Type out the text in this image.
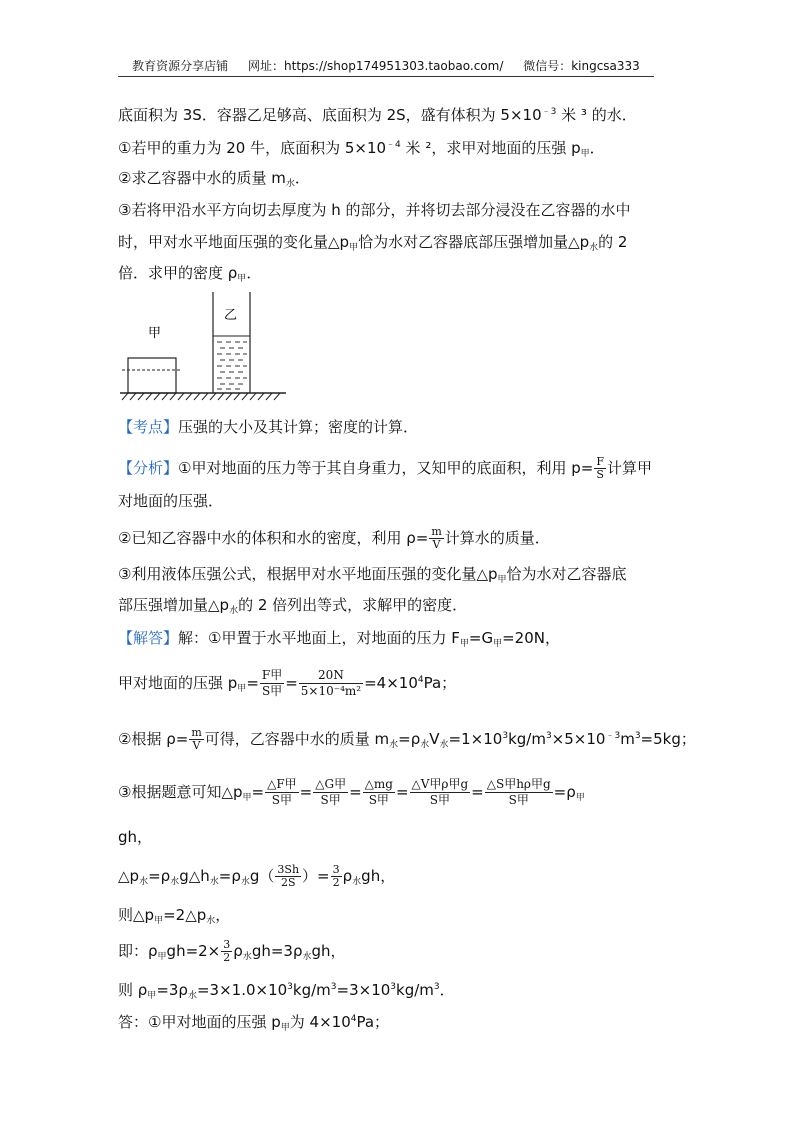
教育资源分享店铺 网址：https://shop174951303.taobao.com/ 微信号：kingcsa333
底面积为 3S．容器乙足够高、底面积为 2S，盛有体积为 $5\times 10^{﹣3}$ 米 ³ 的水．
①若甲的重力为 20 牛，底面积为 $5\times 10^{﹣4}$ 米 ²，求甲对地面的压强 $p_甲$．
②求乙容器中水的质量 $m_水$．
③若将甲沿水平方向切去厚度为 h 的部分，并将切去部分浸没在乙容器的水中
时，甲对水平地面压强的变化量$\triangle p_甲$恰为水对乙容器底部压强增加量$\triangle p_水$的 2
倍．求甲的密度 $\rho_甲$．
甲
乙
【考点】压强的大小及其计算；密度的计算．
【分析】①甲对地面的压力等于其自身重力，又知甲的底面积，利用 $p= \frac{F}{S}$ 计算甲
对地面的压强．
②已知乙容器中水的体积和水的密度，利用 $\rho= \frac{m}{V}$ 计算水的质量．
③利用液体压强公式，根据甲对水平地面压强的变化量$\triangle p_甲$恰为水对乙容器底
部压强增加量$\triangle p_水$的 2 倍列出等式，求解甲的密度．
【解答】解：①甲置于水平地面上，对地面的压力 $F_甲=G_甲=20N$，
甲对地面的压强 $p_甲= \frac{\text{F甲}}{\text{S甲}} = \frac{20N}{\text{5×10⁻⁴m²}} =4\times 10^4Pa$；
②根据 $\rho= \frac{m}{V}$ 可得，乙容器中水的质量 $m_水=\rho_水V_水=1\times 10^3kg/m^3\times 5\times 10^{﹣3}m^3=5kg$；
③根据题意可知$\triangle p_甲= \frac{\text{△F甲}}{\text{S甲}} = \frac{\text{△G甲}}{\text{S甲}} = \frac{\triangle mg}{\text{S甲}} = \frac{\text{△V甲ρ甲g}}{\text{S甲}} = \frac{\text{△S甲hρ甲g}}{\text{S甲}} =\rho_甲$
gh，
$\triangle p_水=\rho_水g\triangle h_水=\rho_水g( \frac{3Sh}{2S}$ ）= $\frac{3}{2} \rho_水gh$，
则$\triangle p_甲=2\triangle p_水$，
即：$\rho_甲gh=2\times \frac{3}{2} \rho_水gh=3\rho_水gh$，
则 $\rho_甲=3\rho_水=3\times 1.0\times 10^3kg/m^3=3\times 10^3kg/m^3$．
答：①甲对地面的压强 $p_甲$为 $4\times 10^4Pa$；
